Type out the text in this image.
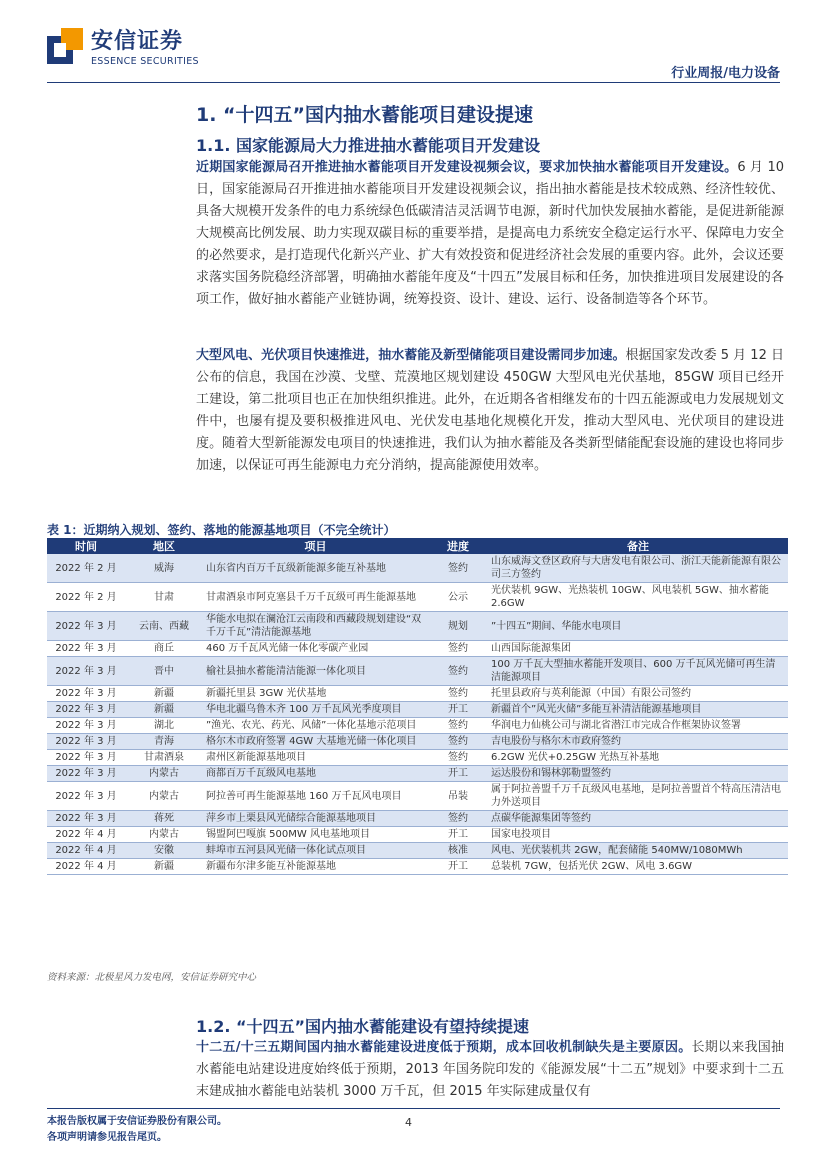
安信证券
ESSENCE SECURITIES
行业周报/电力设备
1. “十四五”国内抽水蓄能项目建设提速
1.1. 国家能源局大力推进抽水蓄能项目开发建设
近期国家能源局召开推进抽水蓄能项目开发建设视频会议，要求加快抽水蓄能项目开发建设。6 月 10 日，国家能源局召开推进抽水蓄能项目开发建设视频会议，指出抽水蓄能是技术较成熟、经济性较优、具备大规模开发条件的电力系统绿色低碳清洁灵活调节电源，新时代加快发展抽水蓄能，是促进新能源大规模高比例发展、助力实现双碳目标的重要举措，是提高电力系统安全稳定运行水平、保障电力安全的必然要求，是打造现代化新兴产业、扩大有效投资和促进经济社会发展的重要内容。此外，会议还要求落实国务院稳经济部署，明确抽水蓄能年度及“十四五”发展目标和任务，加快推进项目发展建设的各项工作，做好抽水蓄能产业链协调，统筹投资、设计、建设、运行、设备制造等各个环节。
大型风电、光伏项目快速推进，抽水蓄能及新型储能项目建设需同步加速。根据国家发改委 5 月 12 日公布的信息，我国在沙漠、戈壁、荒漠地区规划建设 450GW 大型风电光伏基地，85GW 项目已经开工建设，第二批项目也正在加快组织推进。此外，在近期各省相继发布的十四五能源或电力发展规划文件中，也屡有提及要积极推进风电、光伏发电基地化规模化开发，推动大型风电、光伏项目的建设进度。随着大型新能源发电项目的快速推进，我们认为抽水蓄能及各类新型储能配套设施的建设也将同步加速，以保证可再生能源电力充分消纳，提高能源使用效率。
表 1：近期纳入规划、签约、落地的能源基地项目（不完全统计）
时间	地区	项目	进度	备注
2022 年 2 月	威海	山东省内百万千瓦级新能源多能互补基地	签约	山东威海文登区政府与大唐发电有限公司、浙江天能新能源有限公司三方签约
2022 年 2 月	甘肃	甘肃酒泉市阿克塞县千万千瓦级可再生能源基地	公示	光伏装机 9GW、光热装机 10GW、风电装机 5GW、抽水蓄能 2.6GW
2022 年 3 月	云南、西藏	华能水电拟在澜沧江云南段和西藏段规划建设“双千万千瓦”清洁能源基地	规划	”十四五”期间、华能水电项目
2022 年 3 月	商丘	460 万千瓦风光储一体化零碳产业园	签约	山西国际能源集团
2022 年 3 月	晋中	榆社县抽水蓄能清洁能源一体化项目	签约	100 万千瓦大型抽水蓄能开发项目、600 万千瓦风光储可再生清洁能源项目
2022 年 3 月	新疆	新疆托里县 3GW 光伏基地	签约	托里县政府与英利能源（中国）有限公司签约
2022 年 3 月	新疆	华电北疆乌鲁木齐 100 万千瓦风光季度项目	开工	新疆首个”风光火储”多能互补清洁能源基地项目
2022 年 3 月	湖北	”渔光、农光、药光、风储”一体化基地示范项目	签约	华润电力仙桃公司与湖北省潜江市完成合作框架协议签署
2022 年 3 月	青海	格尔木市政府签署 4GW 大基地光储一体化项目	签约	吉电股份与格尔木市政府签约
2022 年 3 月	甘肃酒泉	肃州区新能源基地项目	签约	6.2GW 光伏+0.25GW 光热互补基地
2022 年 3 月	内蒙古	商都百万千瓦级风电基地	开工	运达股份和锡林郭勒盟签约
2022 年 3 月	内蒙古	阿拉善可再生能源基地 160 万千瓦风电项目	吊装	属于阿拉善盟千万千瓦级风电基地，是阿拉善盟首个特高压清洁电力外送项目
2022 年 3 月	蒋死	萍乡市上栗县风光储综合能源基地项目	签约	点碳华能源集团等签约
2022 年 4 月	内蒙古	锡盟阿巴嘎旗 500MW 风电基地项目	开工	国家电投项目
2022 年 4 月	安徽	蚌埠市五河县风光储一体化试点项目	核准	风电、光伏装机共 2GW，配套储能 540MW/1080MWh
2022 年 4 月	新疆	新疆布尔津多能互补能源基地	开工	总装机 7GW，包括光伏 2GW、风电 3.6GW
资料来源：北极星风力发电网，安信证券研究中心
1.2. “十四五”国内抽水蓄能建设有望持续提速
十二五/十三五期间国内抽水蓄能建设进度低于预期，成本回收机制缺失是主要原因。长期以来我国抽水蓄能电站建设进度始终低于预期，2013 年国务院印发的《能源发展“十二五”规划》中要求到十二五末建成抽水蓄能电站装机 3000 万千瓦，但 2015 年实际建成量仅有
本报告版权属于安信证券股份有限公司。
各项声明请参见报告尾页。
4
